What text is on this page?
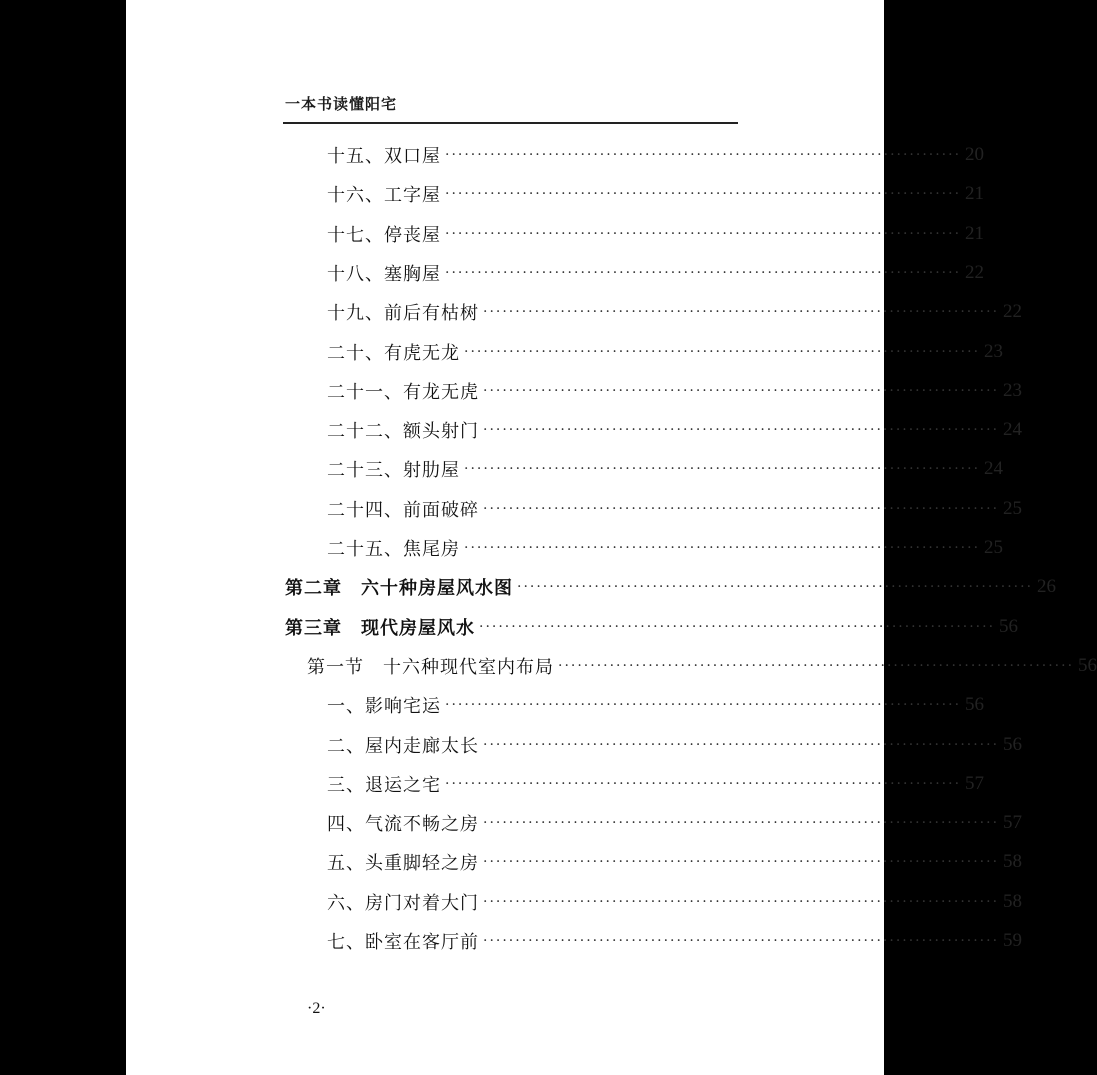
一本书读懂阳宅
十五、双口屋 ················································································ 20
十六、工字屋 ················································································ 21
十七、停丧屋 ················································································ 21
十八、塞胸屋 ················································································ 22
十九、前后有枯树 ················································································ 22
二十、有虎无龙 ················································································ 23
二十一、有龙无虎 ················································································ 23
二十二、额头射门 ················································································ 24
二十三、射肋屋 ················································································ 24
二十四、前面破碎 ················································································ 25
二十五、焦尾房 ················································································ 25
第二章　六十种房屋风水图 ················································································ 26
第三章　现代房屋风水 ················································································ 56
第一节　十六种现代室内布局 ················································································ 56
一、影响宅运 ················································································ 56
二、屋内走廊太长 ················································································ 56
三、退运之宅 ················································································ 57
四、气流不畅之房 ················································································ 57
五、头重脚轻之房 ················································································ 58
六、房门对着大门 ················································································ 58
七、卧室在客厅前 ················································································ 59
·2·
